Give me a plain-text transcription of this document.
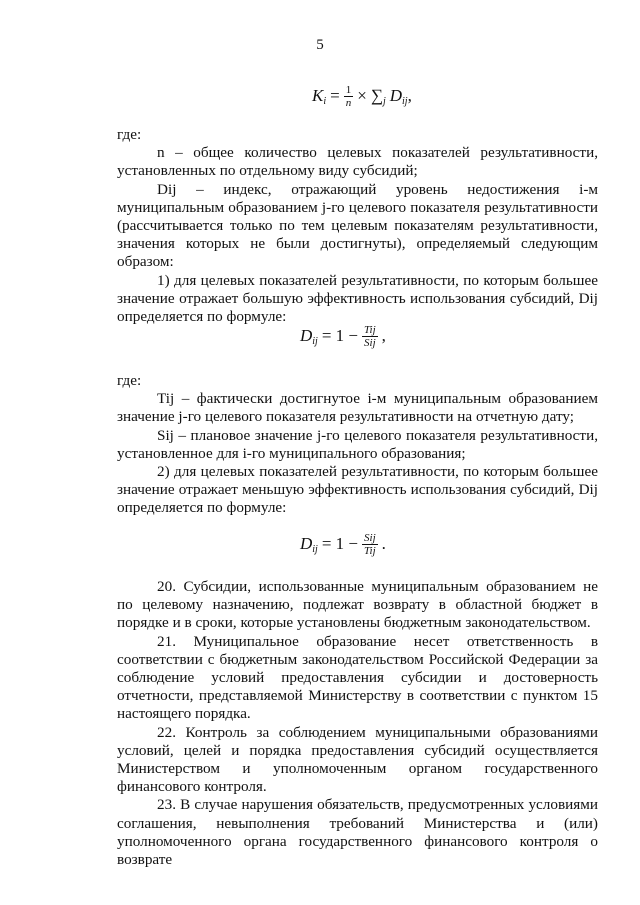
5
$K_i = \frac{1}{n} \times \sum_j$ $D_{ij}$,

где:

n – общее количество целевых показателей результативности, установленных по отдельному виду субсидий;

Dij – индекс, отражающий уровень недостижения i-м муниципальным образованием j-го целевого показателя результативности (рассчитывается только по тем целевым показателям результативности, значения которых не были достигнуты), определяемый следующим образом:

1) для целевых показателей результативности, по которым большее значение отражает большую эффективность использования субсидий, Dij определяется по формуле:

$D_{ij} = 1 - \frac{\text{Tij}}{\text{Sij}}$ ,

где:

Tij – фактически достигнутое i-м муниципальным образованием значение j-го целевого показателя результативности на отчетную дату;

Sij – плановое значение j-го целевого показателя результативности, установленное для i-го муниципального образования;

2) для целевых показателей результативности, по которым большее значение отражает меньшую эффективность использования субсидий, Dij определяется по формуле:

$D_{ij} = 1 - \frac{\text{Sij}}{\text{Tij}}$ .

20. Субсидии, использованные муниципальным образованием не по целевому назначению, подлежат возврату в областной бюджет в порядке и в сроки, которые установлены бюджетным законодательством.

21. Муниципальное образование несет ответственность в соответствии с бюджетным законодательством Российской Федерации за соблюдение условий предоставления субсидии и достоверность отчетности, представляемой Министерству в соответствии с пунктом 15 настоящего порядка.

22. Контроль за соблюдением муниципальными образованиями условий, целей и порядка предоставления субсидий осуществляется Министерством и уполномоченным органом государственного финансового контроля.

23. В случае нарушения обязательств, предусмотренных условиями соглашения, невыполнения требований Министерства и (или) уполномоченного органа государственного финансового контроля о возврате
